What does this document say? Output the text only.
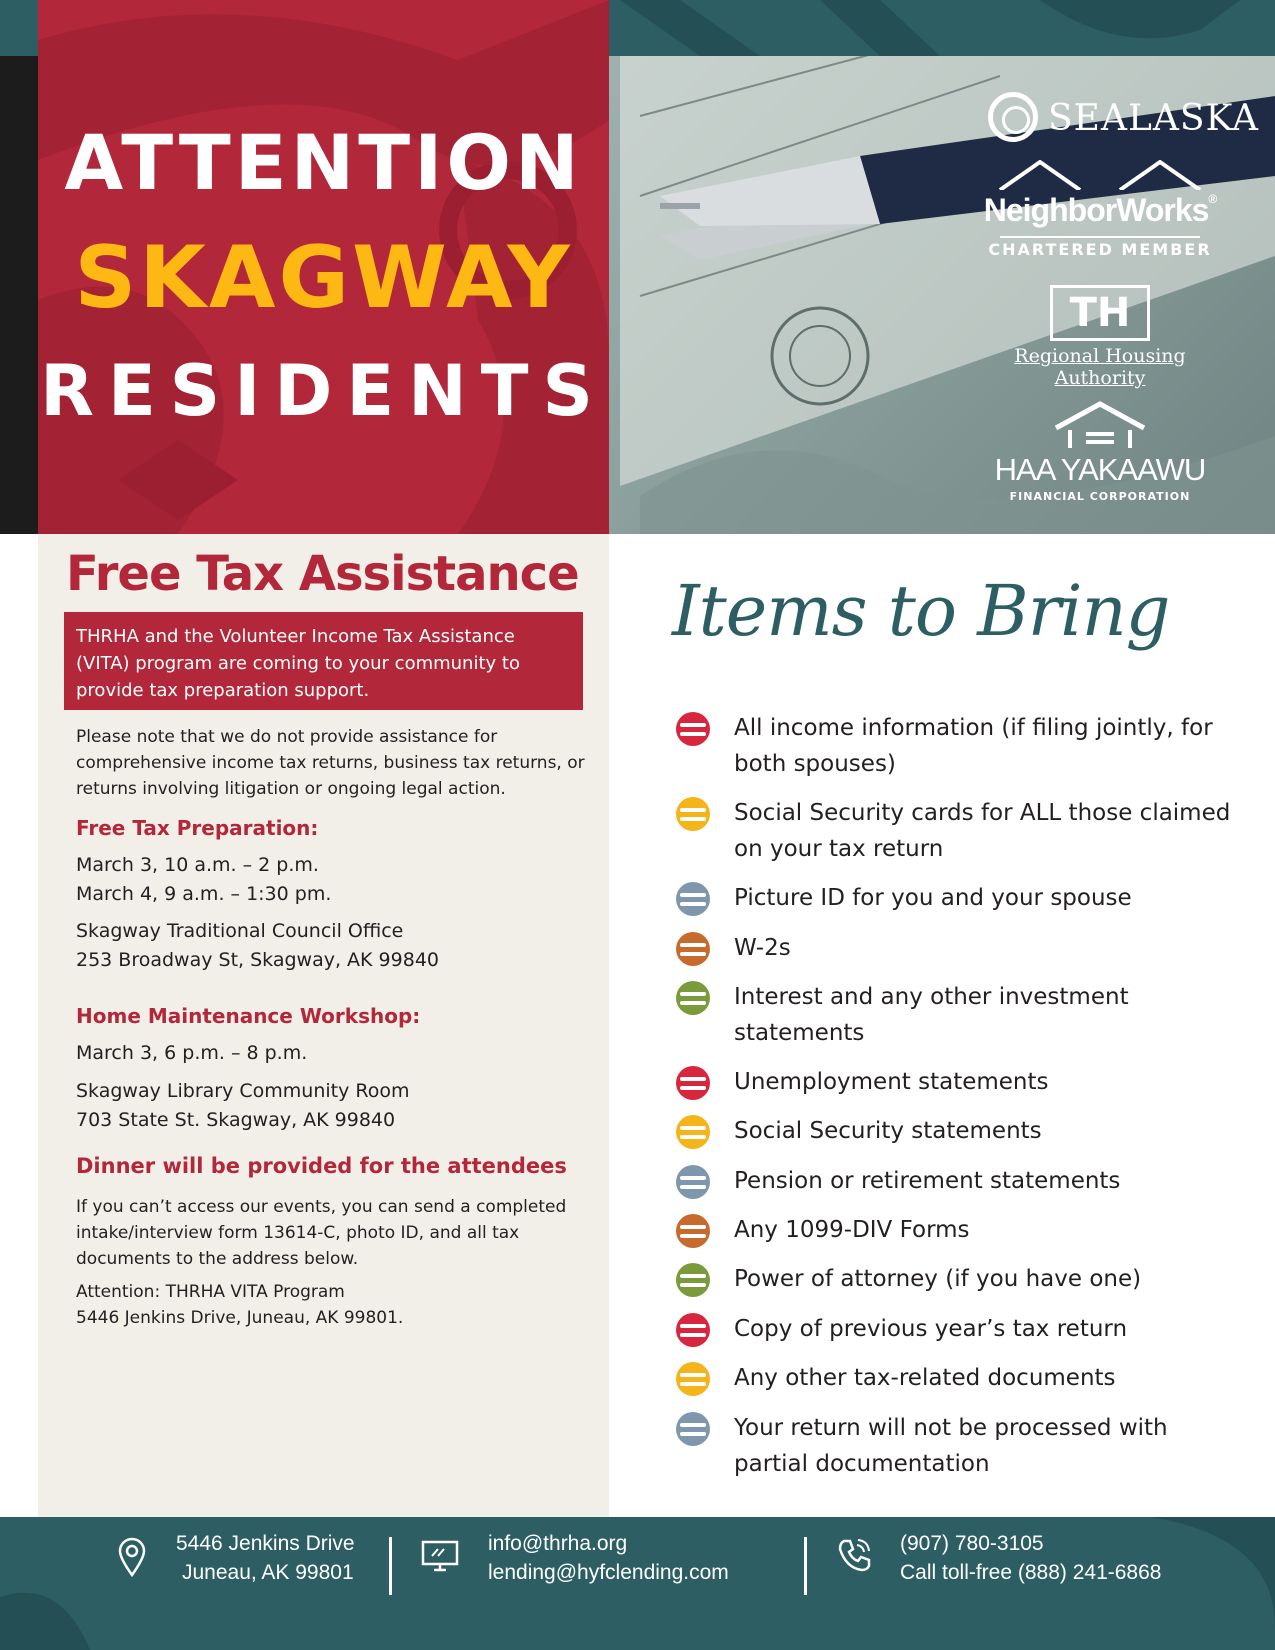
ATTENTION
SKAGWAY
RESIDENTS
SEALASKA
NeighborWorks®
CHARTERED MEMBER
TH
Regional Housing Authority
HAA YAKAAWU
FINANCIAL CORPORATION
Free Tax Assistance

THRHA and the Volunteer Income Tax Assistance (VITA) program are coming to your community to provide tax preparation support.

Please note that we do not provide assistance for comprehensive income tax returns, business tax returns, or returns involving litigation or ongoing legal action.
Free Tax Preparation:
March 3, 10 a.m. – 2 p.m.
March 4, 9 a.m. – 1:30 pm.
Skagway Traditional Council Office
253 Broadway St, Skagway, AK 99840
Home Maintenance Workshop:
March 3, 6 p.m. – 8 p.m.
Skagway Library Community Room
703 State St. Skagway, AK 99840
Dinner will be provided for the attendees
If you can’t access our events, you can send a completed intake/interview form 13614-C, photo ID, and all tax documents to the address below.
Attention: THRHA VITA Program
5446 Jenkins Drive, Juneau, AK 99801.
Items to Bring
All income information (if filing jointly, for both spouses)
Social Security cards for ALL those claimed on your tax return
Picture ID for you and your spouse
W-2s
Interest and any other investment statements
Unemployment statements
Social Security statements
Pension or retirement statements
Any 1099-DIV Forms
Power of attorney (if you have one)
Copy of previous year’s tax return
Any other tax-related documents
Your return will not be processed with partial documentation
5446 Jenkins Drive
Juneau, AK 99801
info@thrha.org
lending@hyfclending.com
(907) 780-3105
Call toll-free (888) 241-6868
